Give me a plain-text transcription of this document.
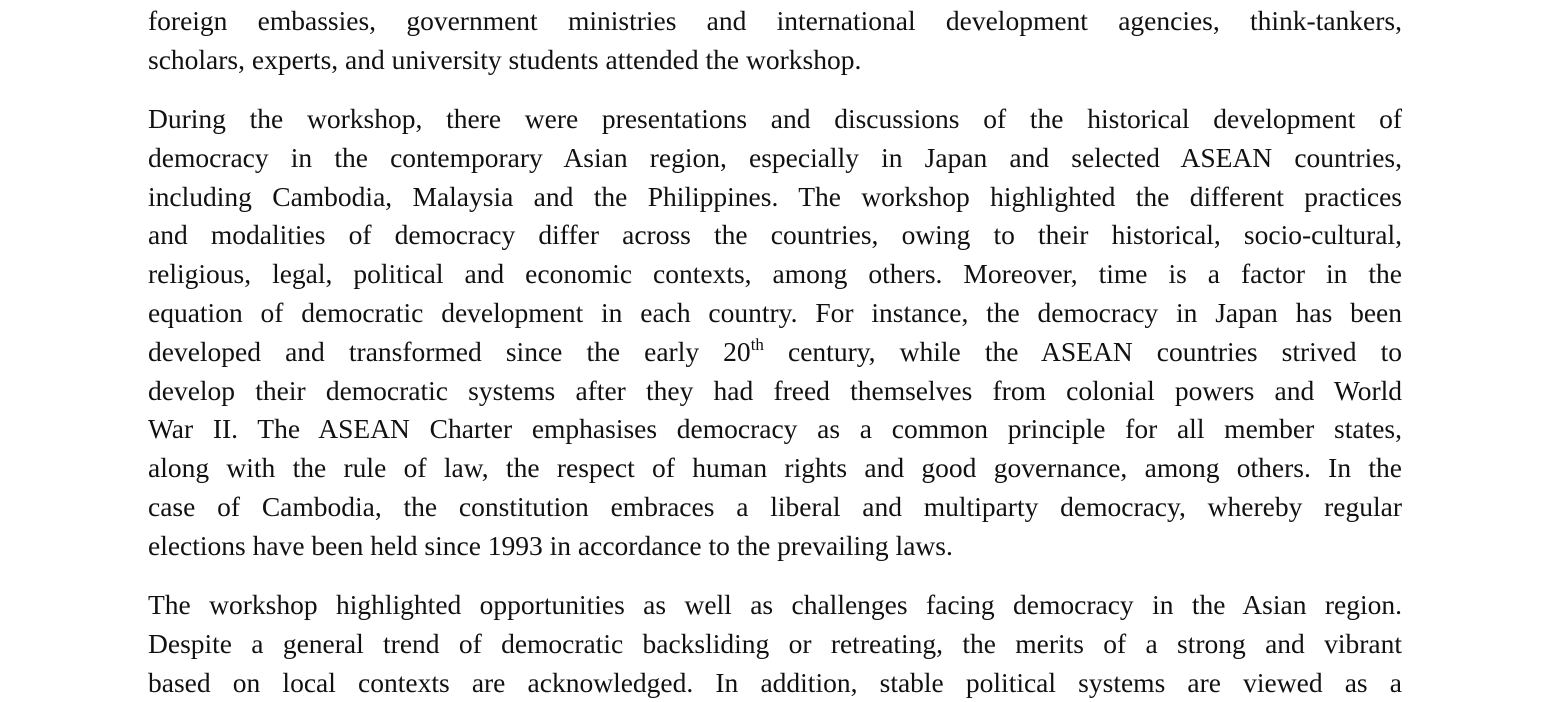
foreign embassies, government ministries and international development agencies, think-tankers,
scholars, experts, and university students attended the workshop.
During the workshop, there were presentations and discussions of the historical development of
democracy in the contemporary Asian region, especially in Japan and selected ASEAN countries,
including Cambodia, Malaysia and the Philippines. The workshop highlighted the different practices
and modalities of democracy differ across the countries, owing to their historical, socio-cultural,
religious, legal, political and economic contexts, among others. Moreover, time is a factor in the
equation of democratic development in each country. For instance, the democracy in Japan has been
developed and transformed since the early 20th century, while the ASEAN countries strived to
develop their democratic systems after they had freed themselves from colonial powers and World
War II. The ASEAN Charter emphasises democracy as a common principle for all member states,
along with the rule of law, the respect of human rights and good governance, among others. In the
case of Cambodia, the constitution embraces a liberal and multiparty democracy, whereby regular
elections have been held since 1993 in accordance to the prevailing laws.
The workshop highlighted opportunities as well as challenges facing democracy in the Asian region.
Despite a general trend of democratic backsliding or retreating, the merits of a strong and vibrant
based on local contexts are acknowledged. In addition, stable political systems are viewed as a
